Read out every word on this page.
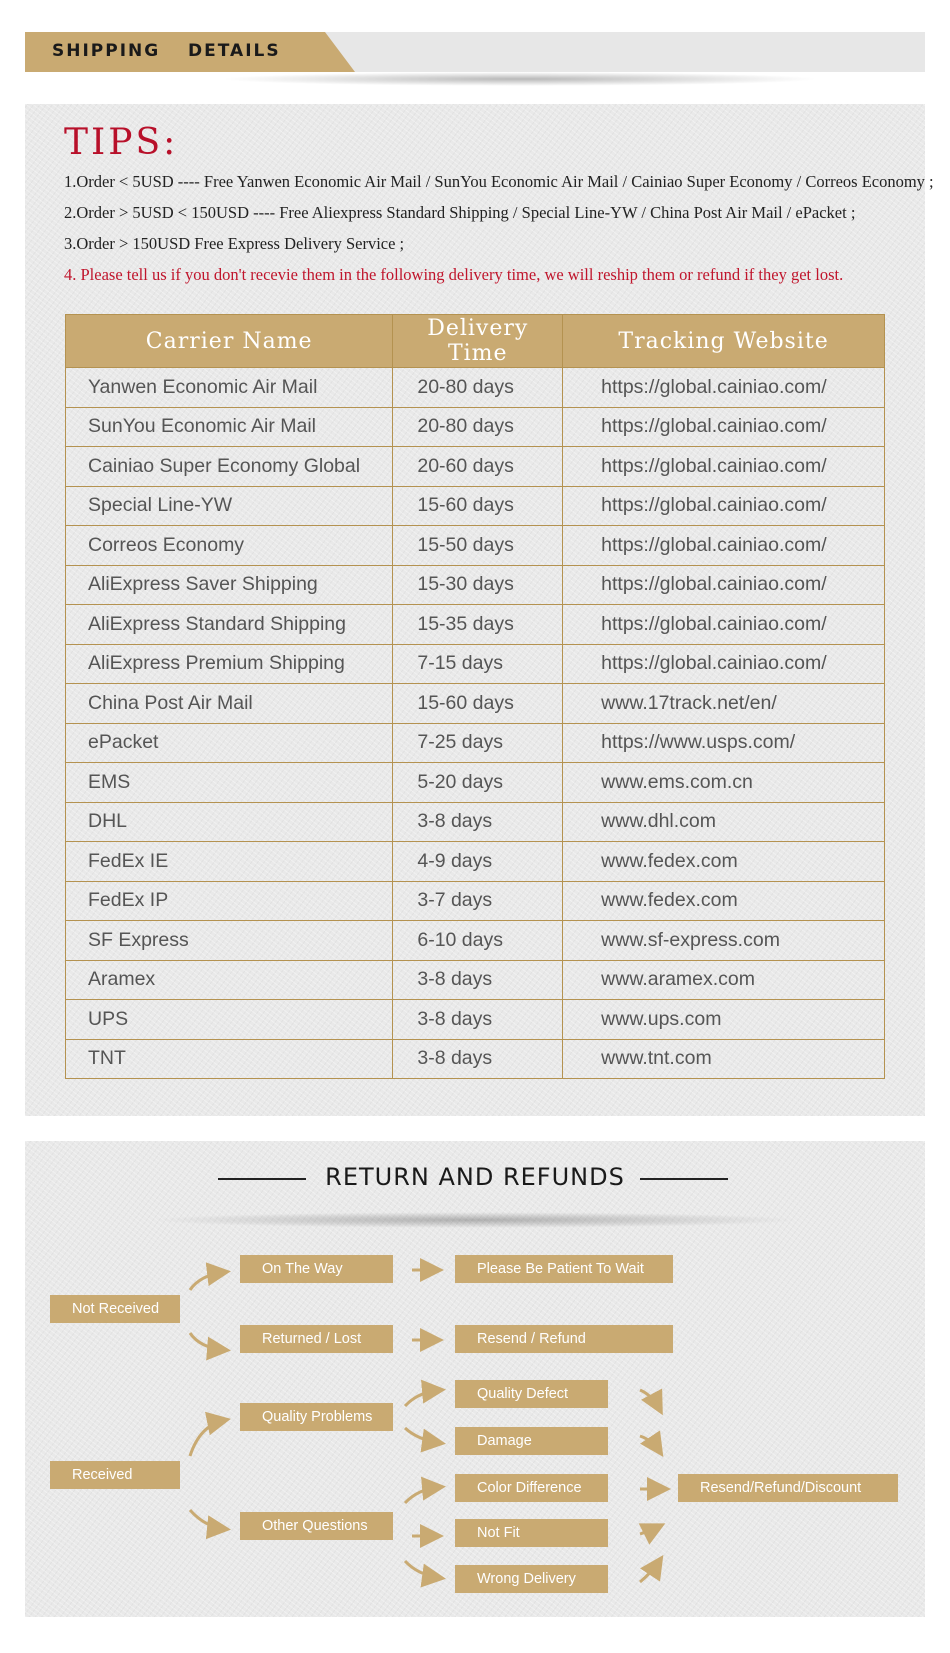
SHIPPING  DETAILS
TIPS:
1.Order < 5USD ---- Free Yanwen Economic Air Mail / SunYou Economic Air Mail / Cainiao Super Economy / Correos Economy ;
2.Order > 5USD < 150USD ---- Free Aliexpress Standard Shipping / Special Line-YW / China Post Air Mail / ePacket ;
3.Order > 150USD Free Express Delivery Service ;
4. Please tell us if you don't recevie them in the following delivery time, we will reship them or refund if they get lost.
Carrier Name	Delivery Time	Tracking Website
Yanwen Economic Air Mail	20-80 days	https://global.cainiao.com/
SunYou Economic Air Mail	20-80 days	https://global.cainiao.com/
Cainiao Super Economy Global	20-60 days	https://global.cainiao.com/
Special Line-YW	15-60 days	https://global.cainiao.com/
Correos Economy	15-50 days	https://global.cainiao.com/
AliExpress Saver Shipping	15-30 days	https://global.cainiao.com/
AliExpress Standard Shipping	15-35 days	https://global.cainiao.com/
AliExpress Premium Shipping	7-15 days	https://global.cainiao.com/
China Post Air Mail	15-60 days	www.17track.net/en/
ePacket	7-25 days	https://www.usps.com/
EMS	5-20 days	www.ems.com.cn
DHL	3-8 days	www.dhl.com
FedEx IE	4-9 days	www.fedex.com
FedEx IP	3-7 days	www.fedex.com
SF Express	6-10 days	www.sf-express.com
Aramex	3-8 days	www.aramex.com
UPS	3-8 days	www.ups.com
TNT	3-8 days	www.tnt.com
RETURN AND REFUNDS
Not Received
On The Way	Please Be Patient To Wait
Returned / Lost	Resend / Refund
Received
Quality Problems
Other Questions
Quality Defect
Damage
Color Difference
Not Fit
Wrong Delivery
Resend/Refund/Discount
